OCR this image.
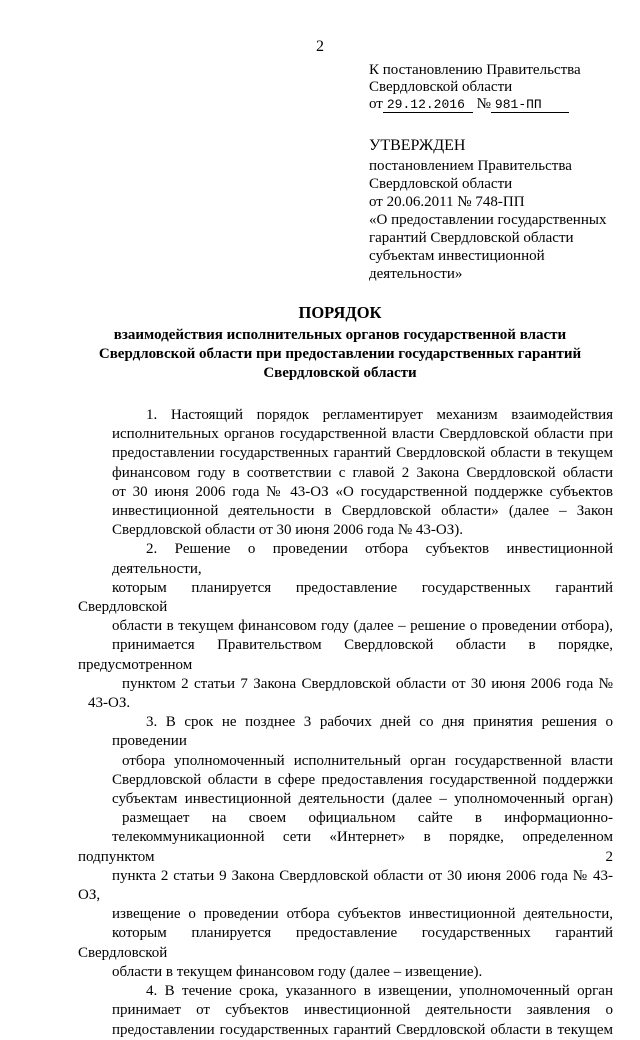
2
К постановлению Правительства
Свердловской области
от 29.12.2016 № 981-ПП
УТВЕРЖДЕН
постановлением Правительства
Свердловской области
от 20.06.2011 № 748-ПП
«О предоставлении государственных
гарантий Свердловской области
субъектам инвестиционной
деятельности»
ПОРЯДОК
взаимодействия исполнительных органов государственной власти
Свердловской области при предоставлении государственных гарантий
Свердловской области
1. Настоящий порядок регламентирует механизм взаимодействия
исполнительных органов государственной власти Свердловской области при
предоставлении государственных гарантий Свердловской области в текущем
финансовом году в соответствии с главой 2 Закона Свердловской области
от 30 июня 2006 года № 43-ОЗ «О государственной поддержке субъектов
инвестиционной деятельности в Свердловской области» (далее – Закон
Свердловской области от 30 июня 2006 года № 43-ОЗ).
2. Решение о проведении отбора субъектов инвестиционной деятельности,
которым планируется предоставление государственных гарантий Свердловской
области в текущем финансовом году (далее – решение о проведении отбора),
принимается Правительством Свердловской области в порядке, предусмотренном
пунктом 2 статьи 7 Закона Свердловской области от 30 июня 2006 года № 43-ОЗ.
3. В срок не позднее 3 рабочих дней со дня принятия решения о проведении
отбора уполномоченный исполнительный орган государственной власти
Свердловской области в сфере предоставления государственной поддержки
субъектам инвестиционной деятельности (далее – уполномоченный орган)
размещает на своем официальном сайте в информационно-
телекоммуникационной сети «Интернет» в порядке, определенном подпунктом 2
пункта 2 статьи 9 Закона Свердловской области от 30 июня 2006 года № 43-ОЗ,
извещение о проведении отбора субъектов инвестиционной деятельности,
которым планируется предоставление государственных гарантий Свердловской
области в текущем финансовом году (далее – извещение).
4. В течение срока, указанного в извещении, уполномоченный орган
принимает от субъектов инвестиционной деятельности заявления о
предоставлении государственных гарантий Свердловской области в текущем
